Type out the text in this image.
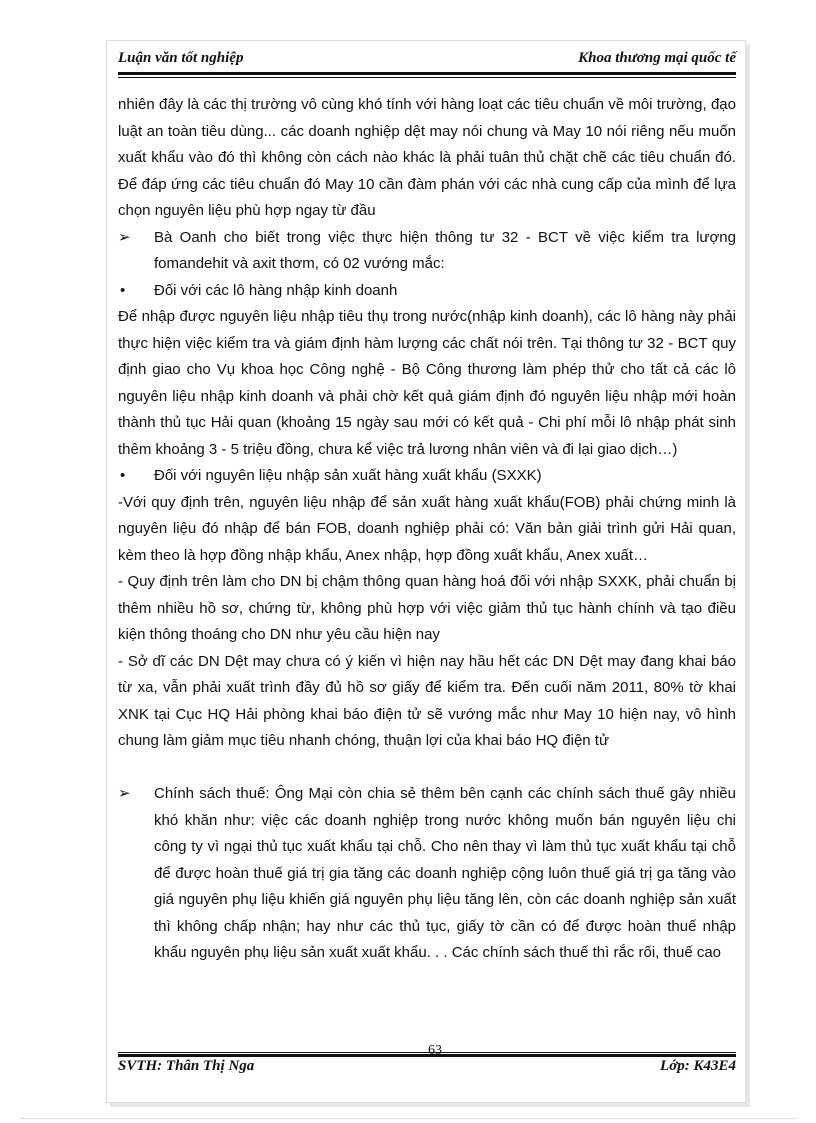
Luận văn tốt nghiệp	Khoa thương mại quốc tế

nhiên đây là các thị trường vô cùng khó tính với hàng loạt các tiêu chuẩn về môi trường, đạo luật an toàn tiêu dùng... các doanh nghiệp dệt may nói chung và May 10 nói riêng nếu muốn xuất khẩu vào đó thì không còn cách nào khác là phải tuân thủ chặt chẽ các tiêu chuẩn đó. Để đáp ứng các tiêu chuẩn đó May 10 cần đàm phán với các nhà cung cấp của mình để lựa chọn nguyên liệu phù hợp ngay từ đầu

➢	Bà Oanh cho biết trong việc thực hiện thông tư 32 - BCT về việc kiểm tra lượng fomandehit và axit thơm, có 02 vướng mắc:

•	Đối với các lô hàng nhập kinh doanh

Để nhập được nguyên liệu nhập tiêu thụ trong nước(nhập kinh doanh), các lô hàng này phải thực hiện việc kiểm tra và giám định hàm lượng các chất nói trên. Tại thông tư 32 - BCT quy định giao cho Vụ khoa học Công nghệ - Bộ Công thương làm phép thử cho tất cả các lô nguyên liệu nhập kinh doanh và phải chờ kết quả giám định đó nguyên liệu nhập mới hoàn thành thủ tục Hải quan (khoảng 15 ngày sau mới có kết quả - Chi phí mỗi lô nhập phát sinh thêm khoảng 3 - 5 triệu đồng, chưa kể việc trả lương nhân viên và đi lại giao dịch…)

•	Đối với nguyên liệu nhập sản xuất hàng xuất khẩu (SXXK)

-Với quy định trên, nguyên liệu nhập để sản xuất hàng xuất khẩu(FOB) phải chứng minh là nguyên liệu đó nhập để bán FOB, doanh nghiệp phải có: Văn bản giải trình gửi Hải quan, kèm theo là hợp đồng nhập khẩu, Anex nhập, hợp đồng xuất khẩu, Anex xuất…

- Quy định trên làm cho DN bị chậm thông quan hàng hoá đối với nhập SXXK, phải chuẩn bị thêm nhiều hồ sơ, chứng từ, không phù hợp với việc giảm thủ tục hành chính và tạo điều kiện thông thoáng cho DN như yêu cầu hiện nay

- Sở dĩ các DN Dệt may chưa có ý kiến vì hiện nay hầu hết các DN Dệt may đang khai báo từ xa, vẫn phải xuất trình đầy đủ hồ sơ giấy để kiểm tra. Đến cuối năm 2011, 80% tờ khai XNK tại Cục HQ Hải phòng khai báo điện tử sẽ vướng mắc như May 10 hiện nay, vô hình chung làm giảm mục tiêu nhanh chóng, thuận lợi của khai báo HQ điện tử

➢	Chính sách thuế: Ông Mại còn chia sẻ thêm bên cạnh các chính sách thuế gây nhiều khó khăn như: việc các doanh nghiệp trong nước không muốn bán nguyên liệu chi công ty vì ngại thủ tục xuất khẩu tại chỗ. Cho nên thay vì làm thủ tục xuất khẩu tại chỗ để được hoàn thuế giá trị gia tăng các doanh nghiệp cộng luôn thuế giá trị ga tăng vào giá nguyên phụ liệu khiến giá nguyên phụ liệu tăng lên, còn các doanh nghiệp sản xuất thì không chấp nhận; hay như các thủ tục, giấy tờ cần có để được hoàn thuế nhập khẩu nguyên phụ liệu sản xuất xuất khẩu. . . Các chính sách thuế thì rắc rối, thuế cao

63
SVTH: Thân Thị Nga	Lớp: K43E4
